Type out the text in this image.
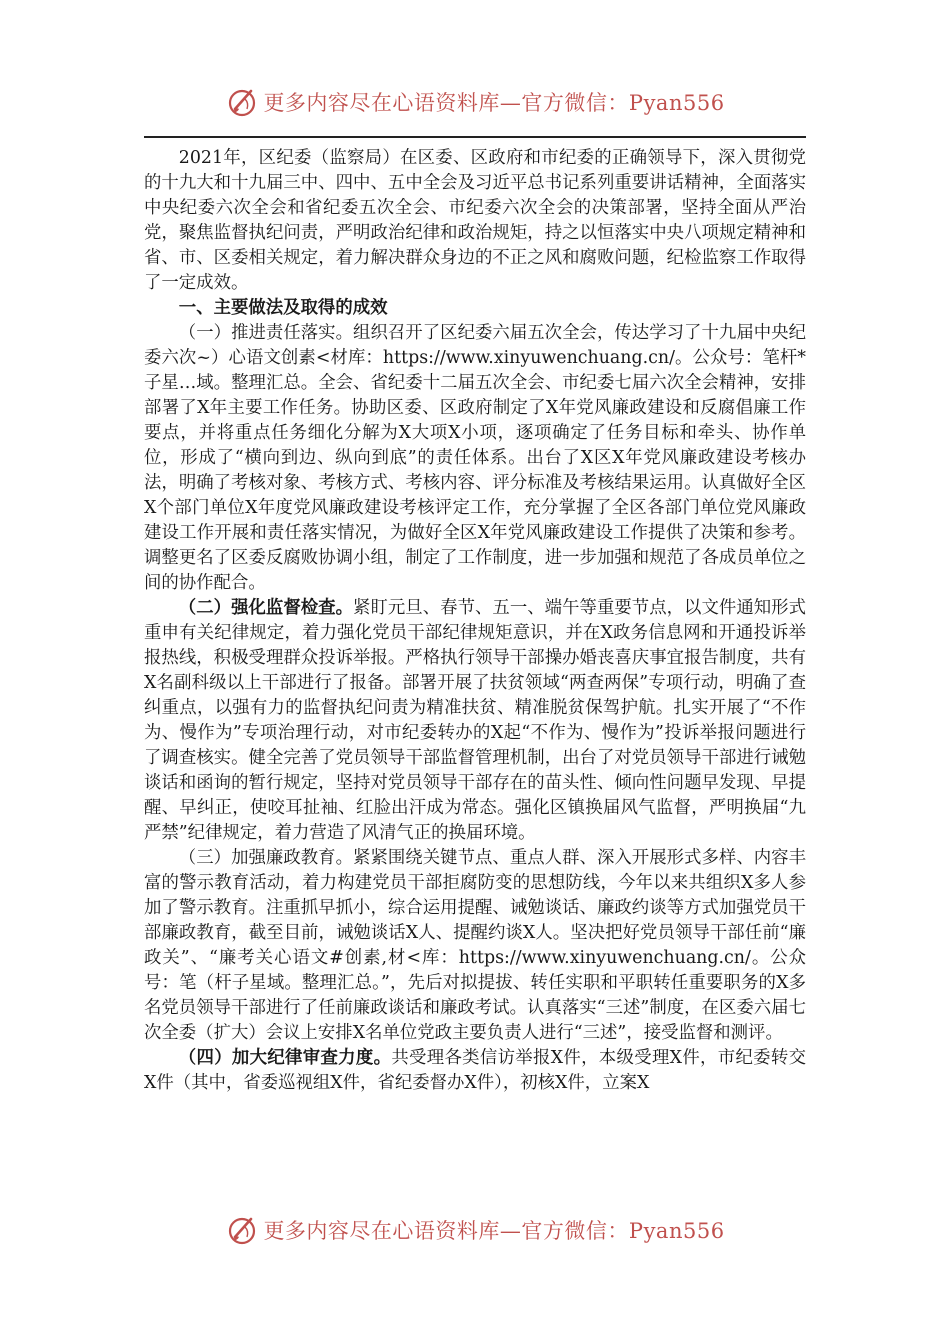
更多内容尽在心语资料库—官方微信：Pyan556

2021年，区纪委（监察局）在区委、区政府和市纪委的正确领导下，深入贯彻党的十九大和十九届三中、四中、五中全会及习近平总书记系列重要讲话精神，全面落实中央纪委六次全会和省纪委五次全会、市纪委六次全会的决策部署，坚持全面从严治党，聚焦监督执纪问责，严明政治纪律和政治规矩，持之以恒落实中央八项规定精神和省、市、区委相关规定，着力解决群众身边的不正之风和腐败问题，纪检监察工作取得了一定成效。

一、主要做法及取得的成效

（一）推进责任落实。组织召开了区纪委六届五次全会，传达学习了十九届中央纪委六次~）心语文创素<材库：https://www.xinyuwenchuang.cn/。公众号：笔杆*子星…域。整理汇总。全会、省纪委十二届五次全会、市纪委七届六次全会精神，安排部署了X年主要工作任务。协助区委、区政府制定了X年党风廉政建设和反腐倡廉工作要点，并将重点任务细化分解为X大项X小项，逐项确定了任务目标和牵头、协作单位，形成了“横向到边、纵向到底”的责任体系。出台了X区X年党风廉政建设考核办法，明确了考核对象、考核方式、考核内容、评分标准及考核结果运用。认真做好全区X个部门单位X年度党风廉政建设考核评定工作，充分掌握了全区各部门单位党风廉政建设工作开展和责任落实情况，为做好全区X年党风廉政建设工作提供了决策和参考。调整更名了区委反腐败协调小组，制定了工作制度，进一步加强和规范了各成员单位之间的协作配合。

（二）强化监督检查。紧盯元旦、春节、五一、端午等重要节点，以文件通知形式重申有关纪律规定，着力强化党员干部纪律规矩意识，并在X政务信息网和开通投诉举报热线，积极受理群众投诉举报。严格执行领导干部操办婚丧喜庆事宜报告制度，共有X名副科级以上干部进行了报备。部署开展了扶贫领域“两查两保”专项行动，明确了查纠重点，以强有力的监督执纪问责为精准扶贫、精准脱贫保驾护航。扎实开展了“不作为、慢作为”专项治理行动，对市纪委转办的X起“不作为、慢作为”投诉举报问题进行了调查核实。健全完善了党员领导干部监督管理机制，出台了对党员领导干部进行诫勉谈话和函询的暂行规定，坚持对党员领导干部存在的苗头性、倾向性问题早发现、早提醒、早纠正，使咬耳扯袖、红脸出汗成为常态。强化区镇换届风气监督，严明换届“九严禁”纪律规定，着力营造了风清气正的换届环境。

（三）加强廉政教育。紧紧围绕关键节点、重点人群、深入开展形式多样、内容丰富的警示教育活动，着力构建党员干部拒腐防变的思想防线，今年以来共组织X多人参加了警示教育。注重抓早抓小，综合运用提醒、诫勉谈话、廉政约谈等方式加强党员干部廉政教育，截至目前，诫勉谈话X人、提醒约谈X人。坚决把好党员领导干部任前“廉政关”、“廉考关心语文#创素,材<库：https://www.xinyuwenchuang.cn/。公众号：笔（杆子星域。整理汇总。”，先后对拟提拔、转任实职和平职转任重要职务的X多名党员领导干部进行了任前廉政谈话和廉政考试。认真落实“三述”制度，在区委六届七次全委（扩大）会议上安排X名单位党政主要负责人进行“三述”，接受监督和测评。

（四）加大纪律审查力度。共受理各类信访举报X件，本级受理X件，市纪委转交X件（其中，省委巡视组X件，省纪委督办X件），初核X件，立案X

更多内容尽在心语资料库—官方微信：Pyan556
